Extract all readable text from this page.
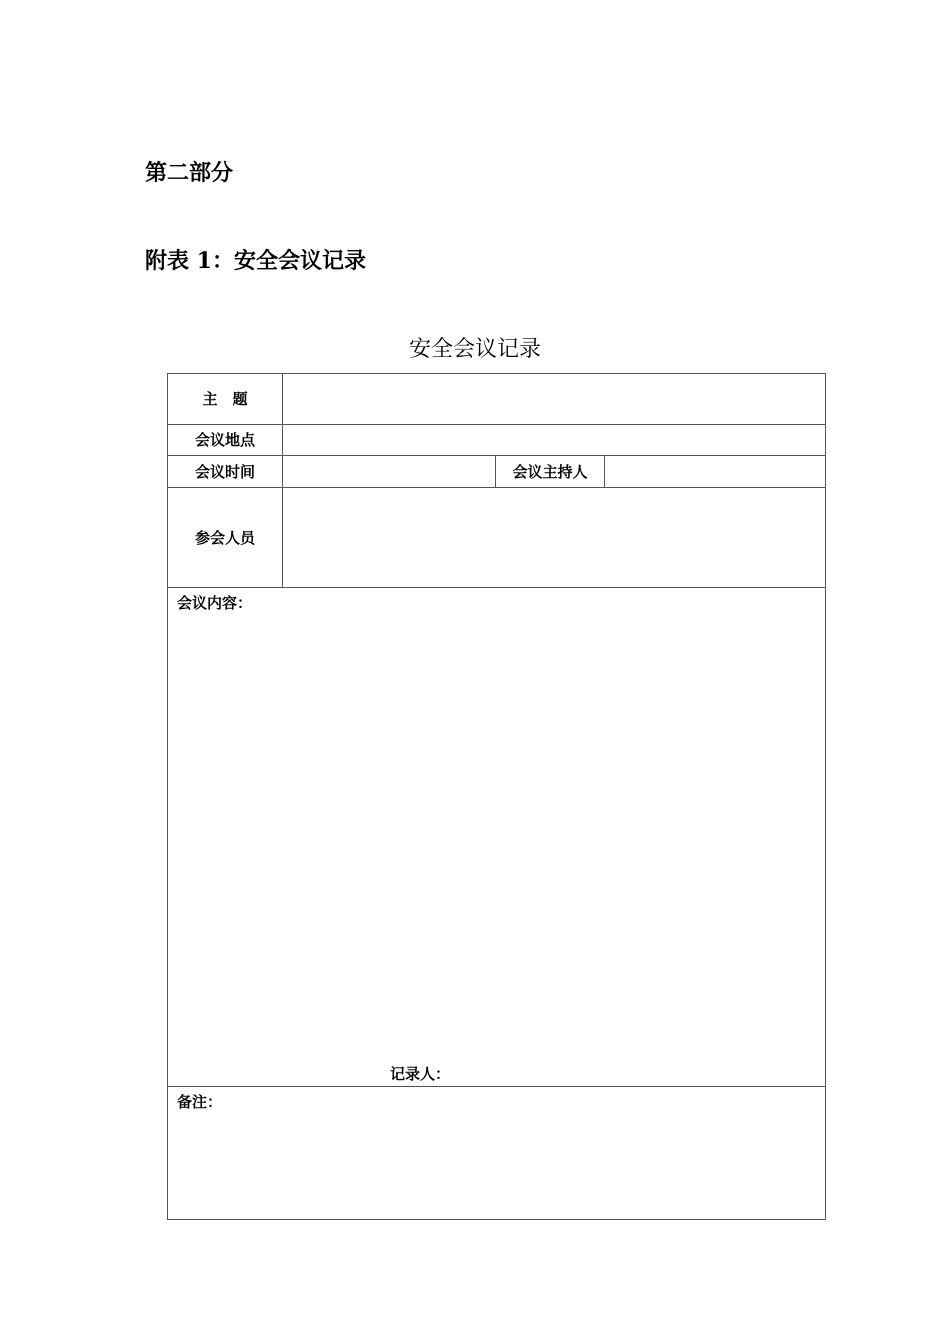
第二部分
附表 1：安全会议记录
安全会议记录
主　题			
会议地点			
会议时间		会议主持人	
参会人员			

会议内容：
记录人：			

备注：			
